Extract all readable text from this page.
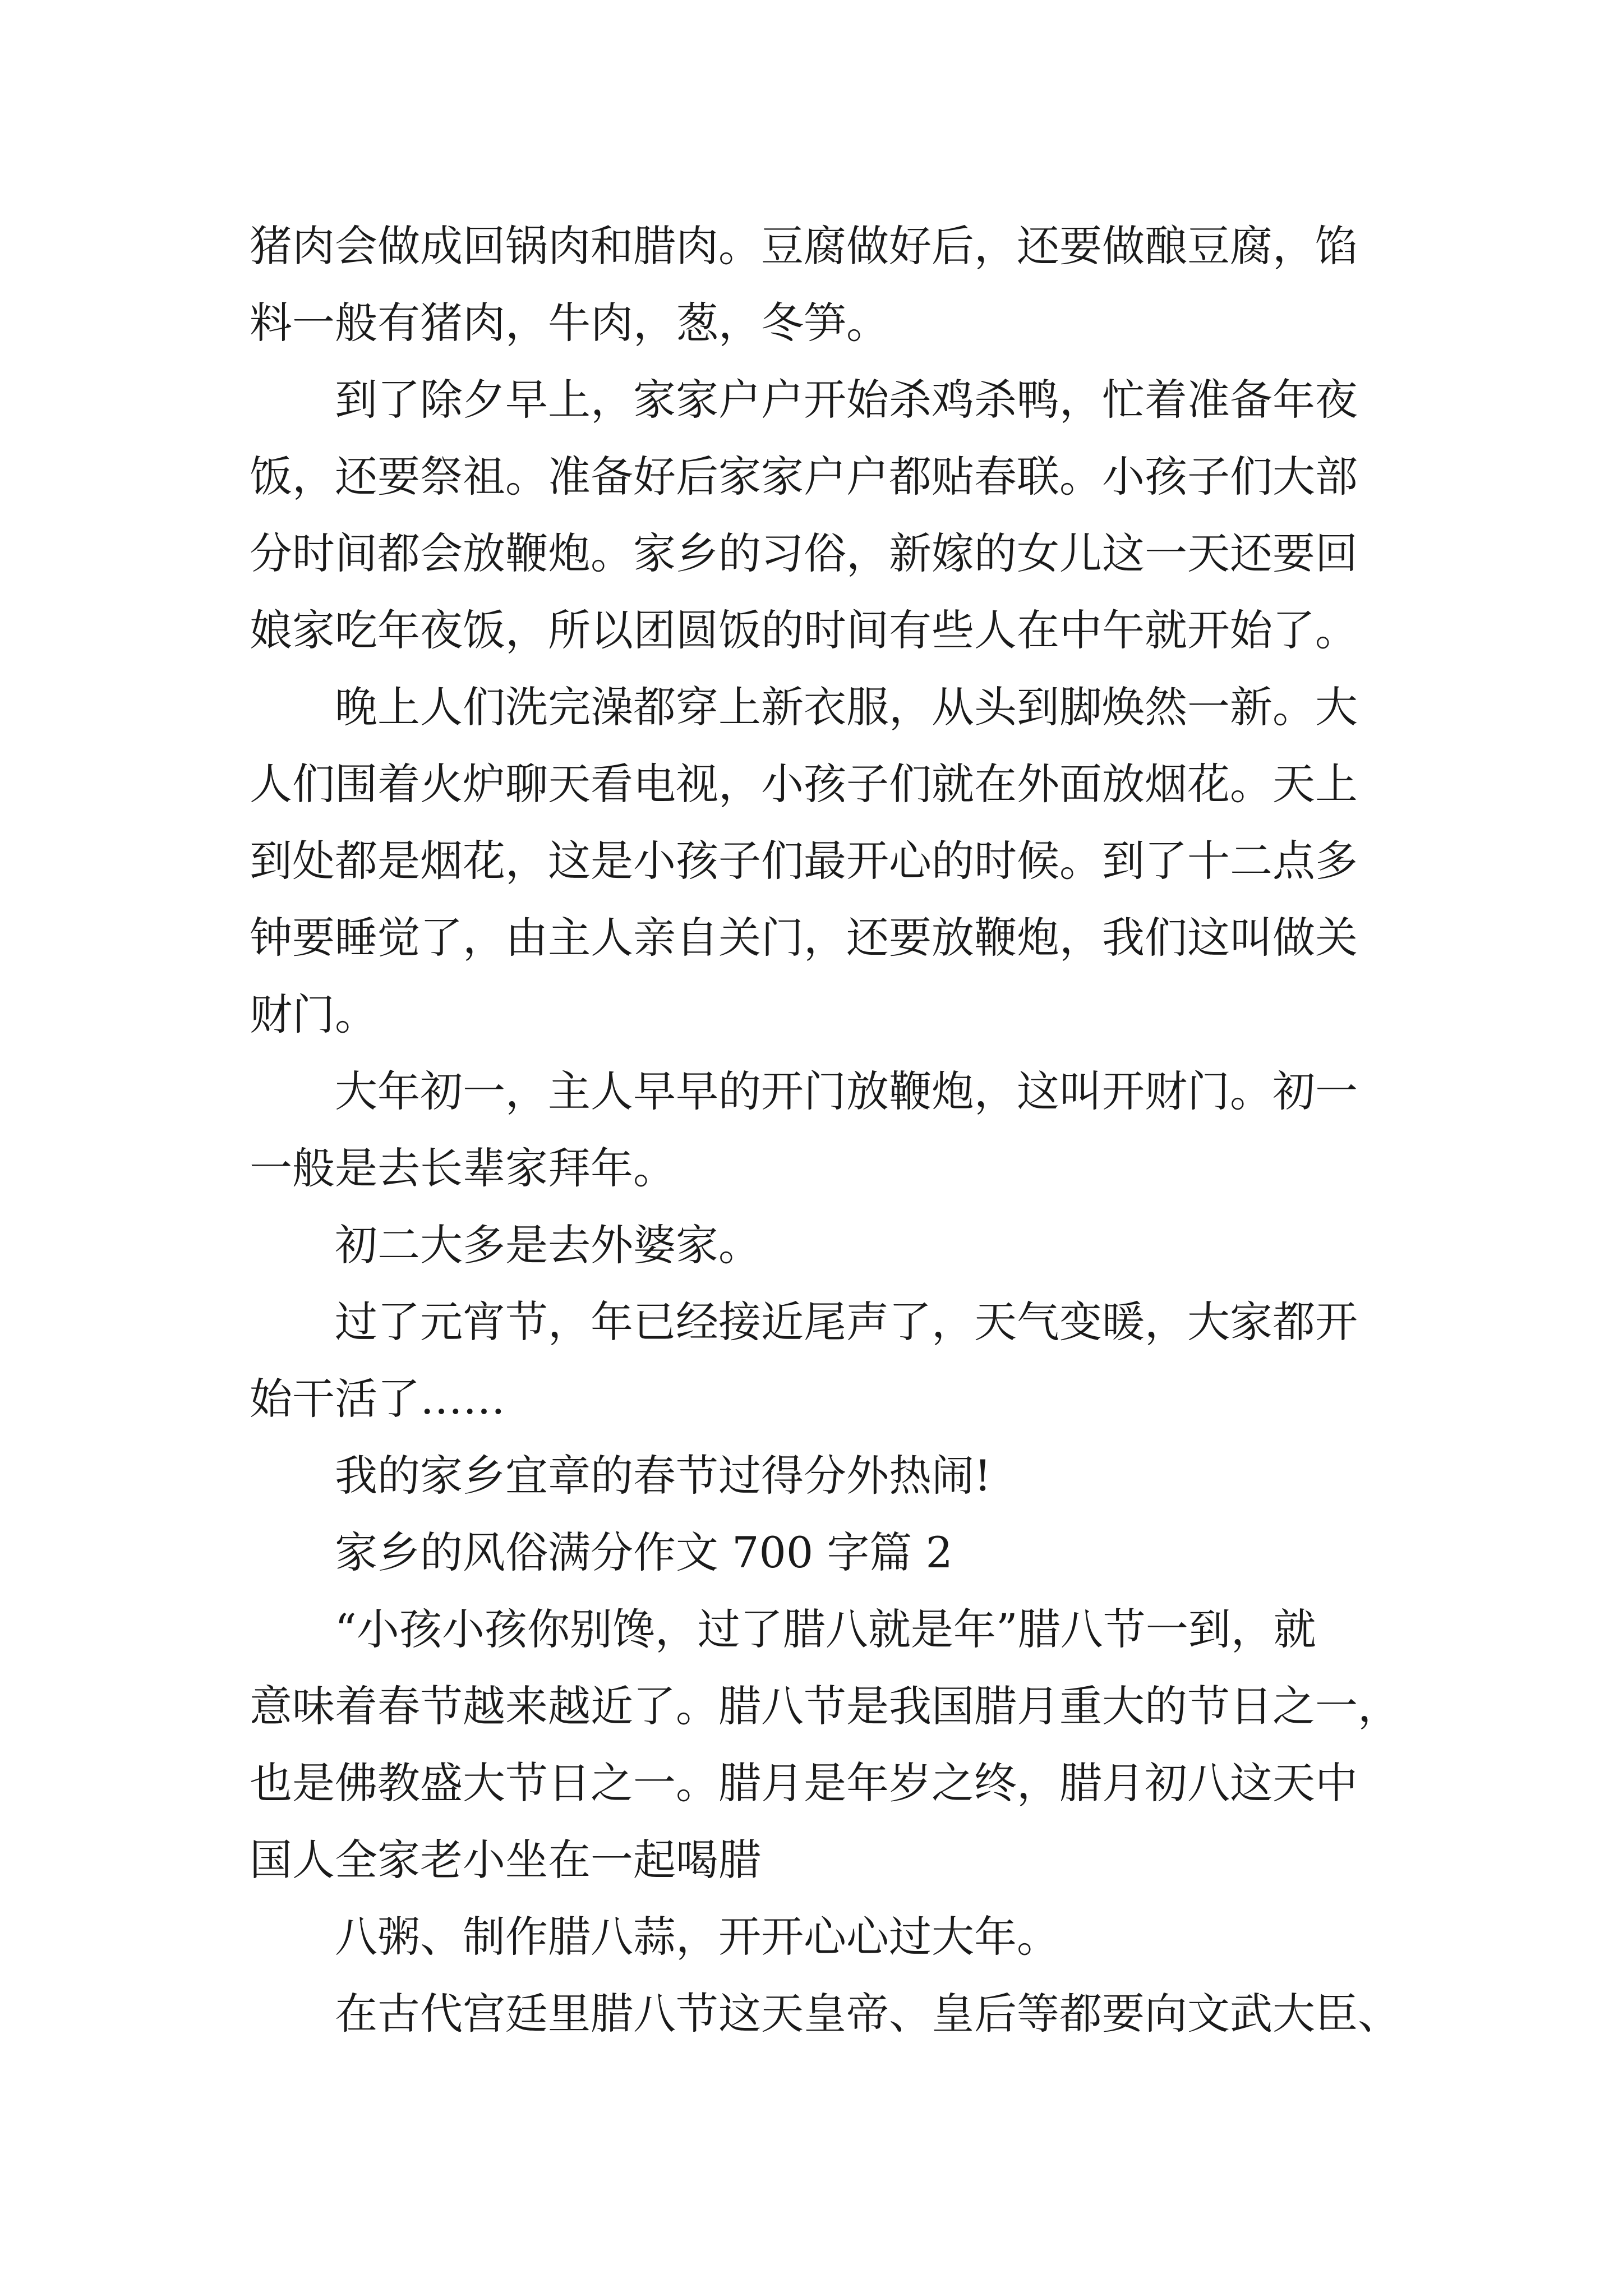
猪肉会做成回锅肉和腊肉。豆腐做好后，还要做酿豆腐，馅
料一般有猪肉，牛肉，葱，冬笋。
到了除夕早上，家家户户开始杀鸡杀鸭，忙着准备年夜
饭，还要祭祖。准备好后家家户户都贴春联。小孩子们大部
分时间都会放鞭炮。家乡的习俗，新嫁的女儿这一天还要回
娘家吃年夜饭，所以团圆饭的时间有些人在中午就开始了。
晚上人们洗完澡都穿上新衣服，从头到脚焕然一新。大
人们围着火炉聊天看电视，小孩子们就在外面放烟花。天上
到处都是烟花，这是小孩子们最开心的时候。到了十二点多
钟要睡觉了，由主人亲自关门，还要放鞭炮，我们这叫做关
财门。
大年初一，主人早早的开门放鞭炮，这叫开财门。初一
一般是去长辈家拜年。
初二大多是去外婆家。
过了元宵节，年已经接近尾声了，天气变暖，大家都开
始干活了……
我的家乡宜章的春节过得分外热闹!
家乡的风俗满分作文 700 字篇 2
“小孩小孩你别馋，过了腊八就是年”腊八节一到，就
意味着春节越来越近了。腊八节是我国腊月重大的节日之一，
也是佛教盛大节日之一。腊月是年岁之终，腊月初八这天中
国人全家老小坐在一起喝腊
八粥、制作腊八蒜，开开心心过大年。
在古代宫廷里腊八节这天皇帝、皇后等都要向文武大臣、
